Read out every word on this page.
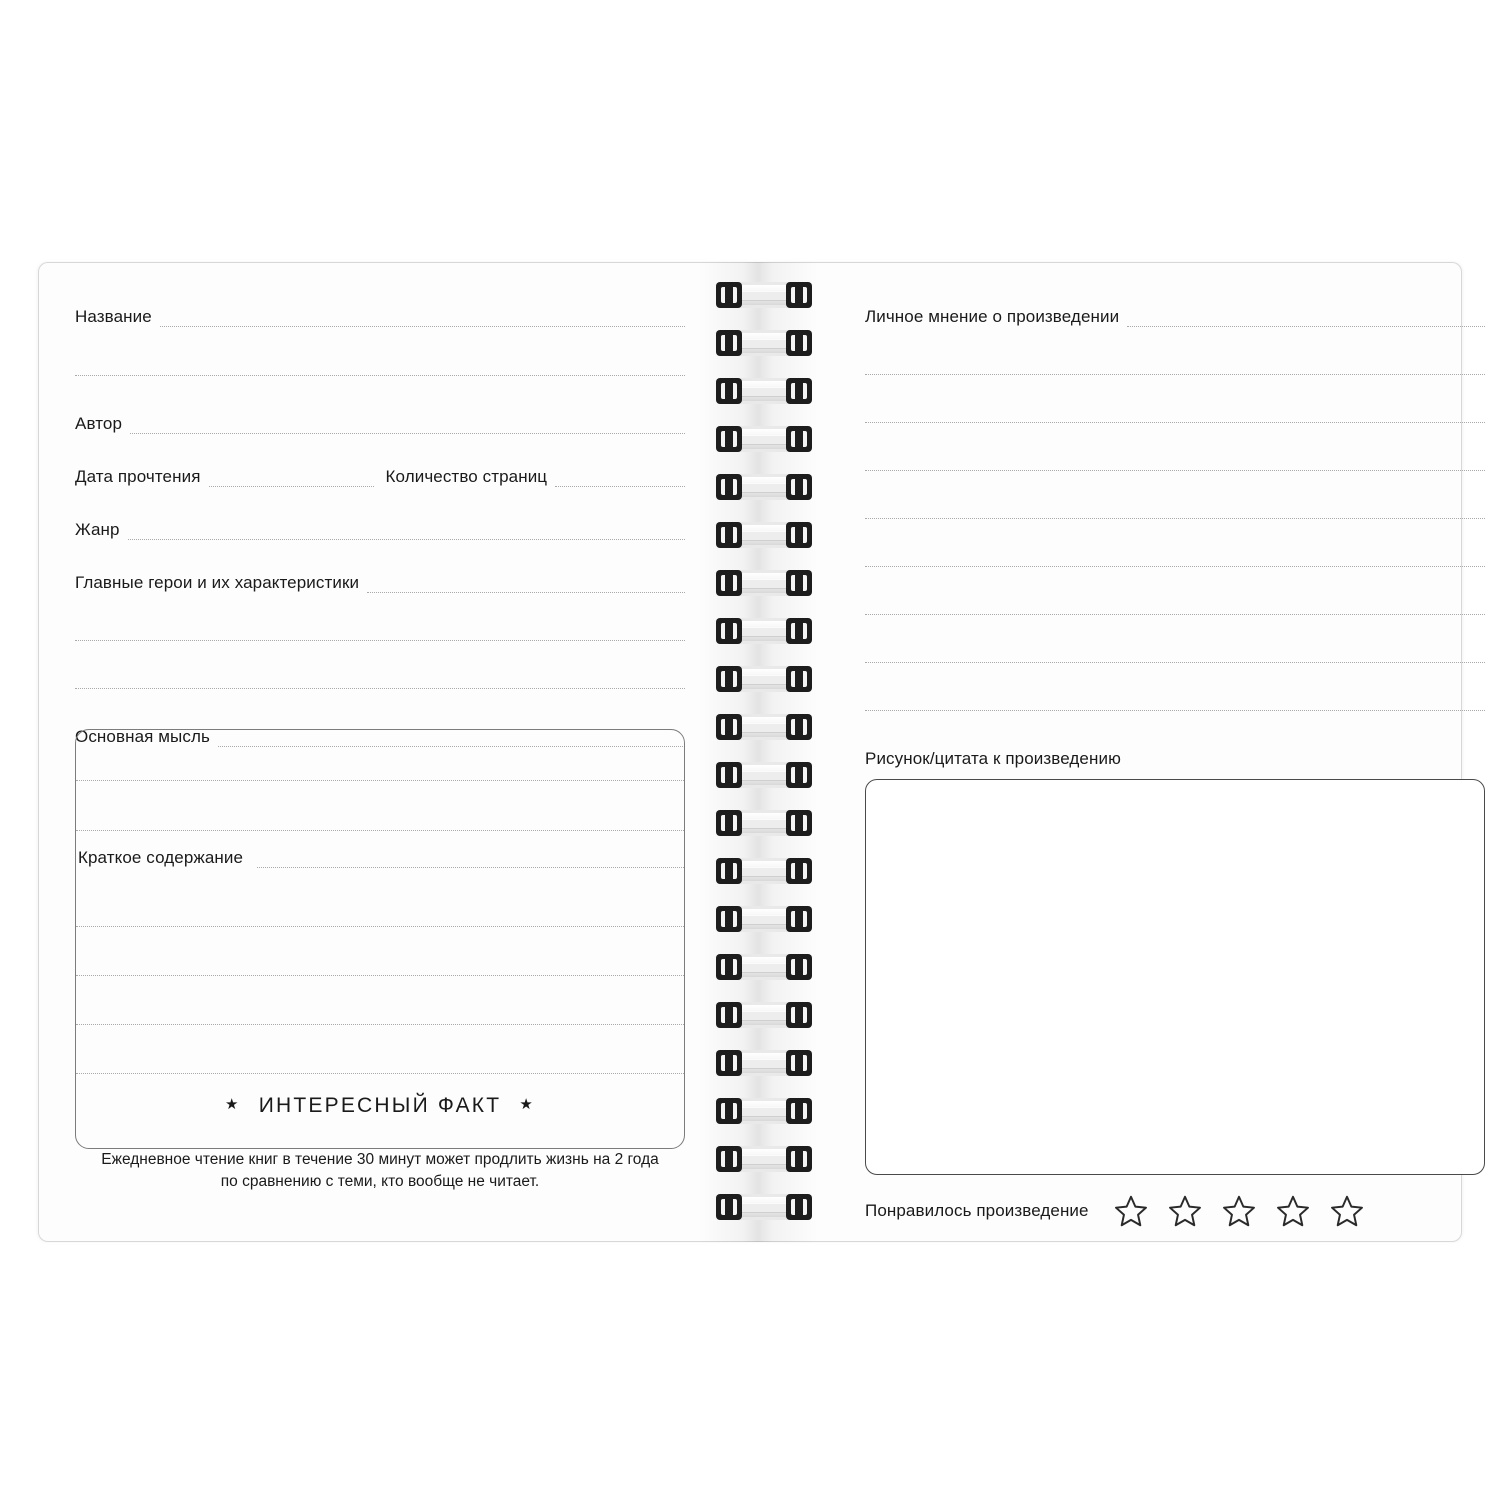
Название
Автор
Дата прочтения	Количество страниц
Жанр
Главные герои и их характеристики
Основная мысль
Краткое содержание
★ ИНТЕРЕСНЫЙ ФАКТ ★
Ежедневное чтение книг в течение 30 минут может продлить жизнь на 2 года по сравнению с теми, кто вообще не читает.
Личное мнение о произведении
Рисунок/цитата к произведению
Понравилось произведение
